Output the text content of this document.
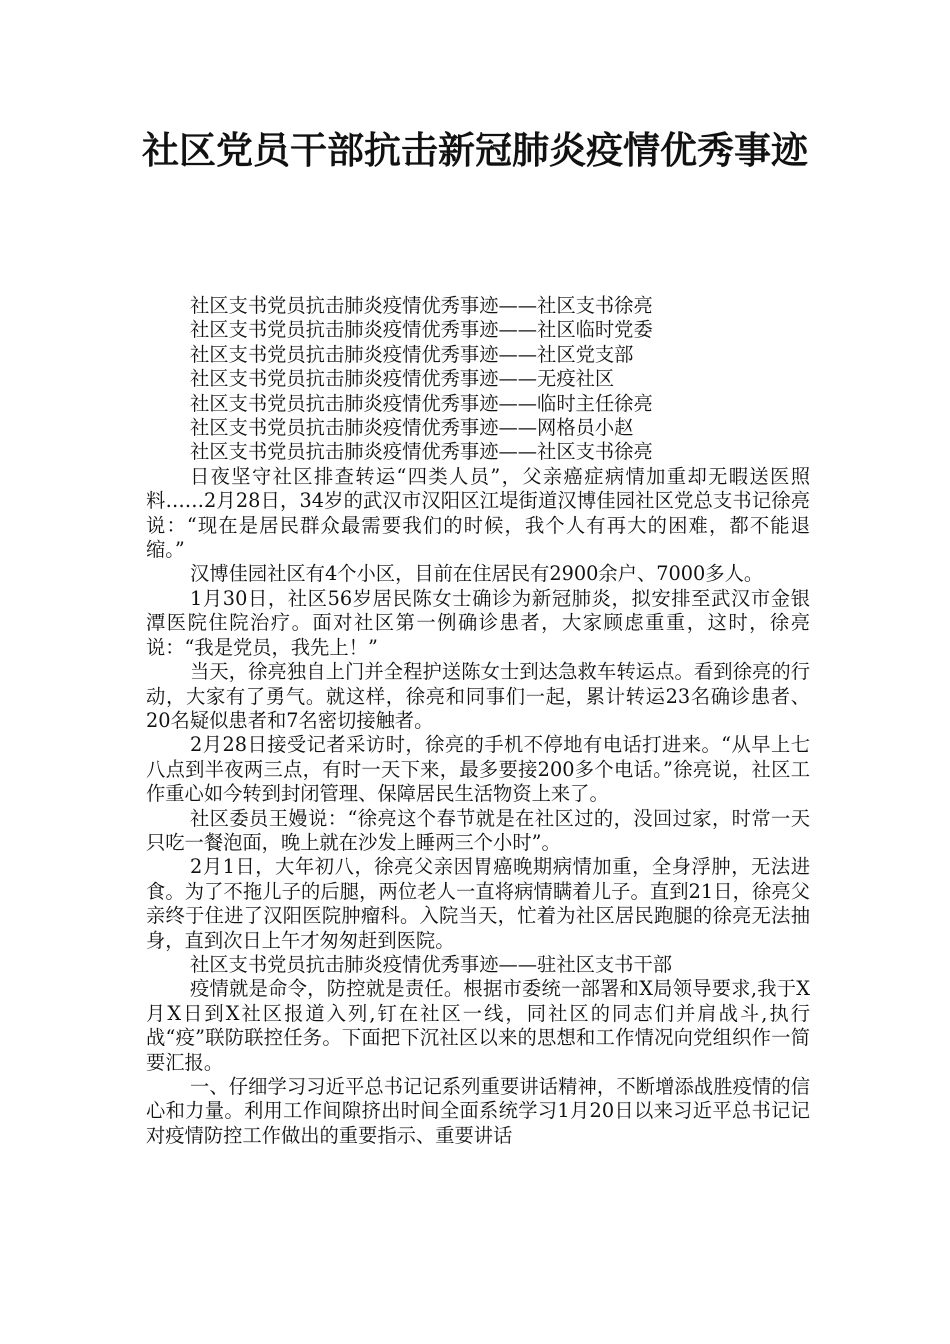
社区党员干部抗击新冠肺炎疫情优秀事迹

社区支书党员抗击肺炎疫情优秀事迹——社区支书徐亮

社区支书党员抗击肺炎疫情优秀事迹——社区临时党委

社区支书党员抗击肺炎疫情优秀事迹——社区党支部

社区支书党员抗击肺炎疫情优秀事迹——无疫社区

社区支书党员抗击肺炎疫情优秀事迹——临时主任徐亮

社区支书党员抗击肺炎疫情优秀事迹——网格员小赵

社区支书党员抗击肺炎疫情优秀事迹——社区支书徐亮

日夜坚守社区排查转运“四类人员”，父亲癌症病情加重却无暇送医照料……2月28日，34岁的武汉市汉阳区江堤街道汉博佳园社区党总支书记徐亮说：“现在是居民群众最需要我们的时候，我个人有再大的困难，都不能退缩。”

汉博佳园社区有4个小区，目前在住居民有2900余户、7000多人。

1月30日，社区56岁居民陈女士确诊为新冠肺炎，拟安排至武汉市金银潭医院住院治疗。面对社区第一例确诊患者，大家顾虑重重，这时，徐亮说：“我是党员，我先上！”

当天，徐亮独自上门并全程护送陈女士到达急救车转运点。看到徐亮的行动，大家有了勇气。就这样，徐亮和同事们一起，累计转运23名确诊患者、20名疑似患者和7名密切接触者。

2月28日接受记者采访时，徐亮的手机不停地有电话打进来。“从早上七八点到半夜两三点，有时一天下来，最多要接200多个电话。”徐亮说，社区工作重心如今转到封闭管理、保障居民生活物资上来了。

社区委员王嫚说：“徐亮这个春节就是在社区过的，没回过家，时常一天只吃一餐泡面，晚上就在沙发上睡两三个小时”。

2月1日，大年初八，徐亮父亲因胃癌晚期病情加重，全身浮肿，无法进食。为了不拖儿子的后腿，两位老人一直将病情瞒着儿子。直到21日，徐亮父亲终于住进了汉阳医院肿瘤科。入院当天，忙着为社区居民跑腿的徐亮无法抽身，直到次日上午才匆匆赶到医院。

社区支书党员抗击肺炎疫情优秀事迹——驻社区支书干部

疫情就是命令，防控就是责任。根据市委统一部署和X局领导要求,我于X月X日到X社区报道入列,钉在社区一线，同社区的同志们并肩战斗,执行战“疫”联防联控任务。下面把下沉社区以来的思想和工作情况向党组织作一简要汇报。

一、仔细学习习近平总书记记系列重要讲话精神，不断增添战胜疫情的信心和力量。利用工作间隙挤出时间全面系统学习1月20日以来习近平总书记记对疫情防控工作做出的重要指示、重要讲话
